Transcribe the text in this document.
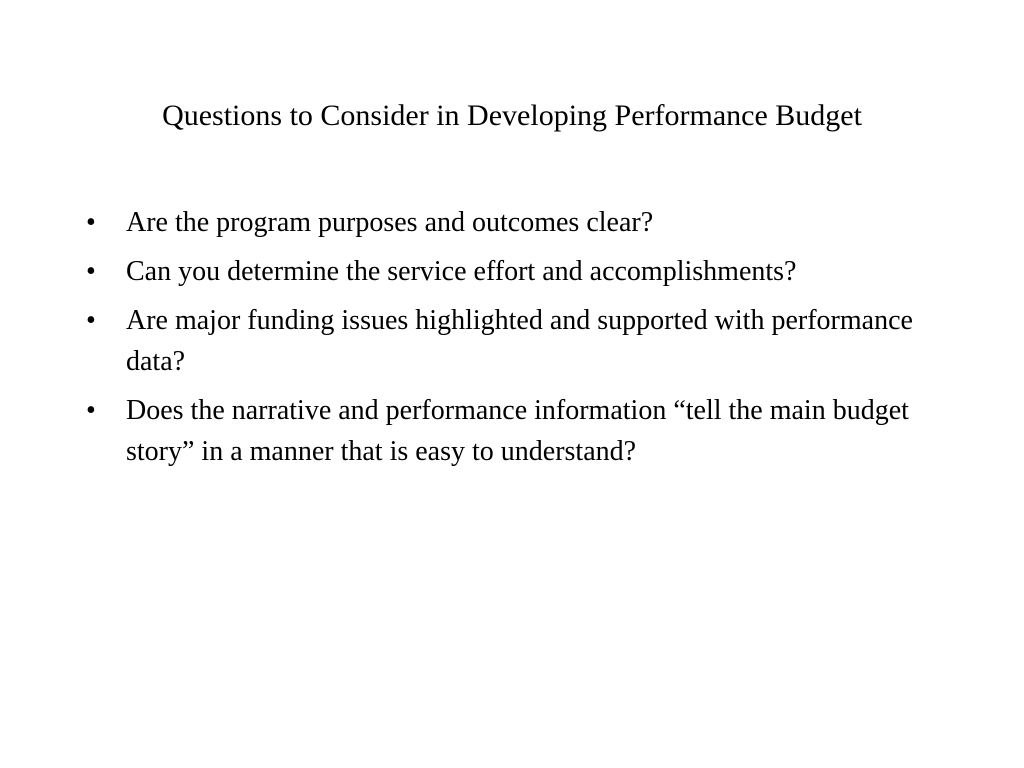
Questions to Consider in Developing Performance Budget
•	Are the program purposes and outcomes clear?
•	Can you determine the service effort and accomplishments?
•	Are major funding issues highlighted and supported with performance data?
•	Does the narrative and performance information “tell the main budget story” in a manner that is easy to understand?
